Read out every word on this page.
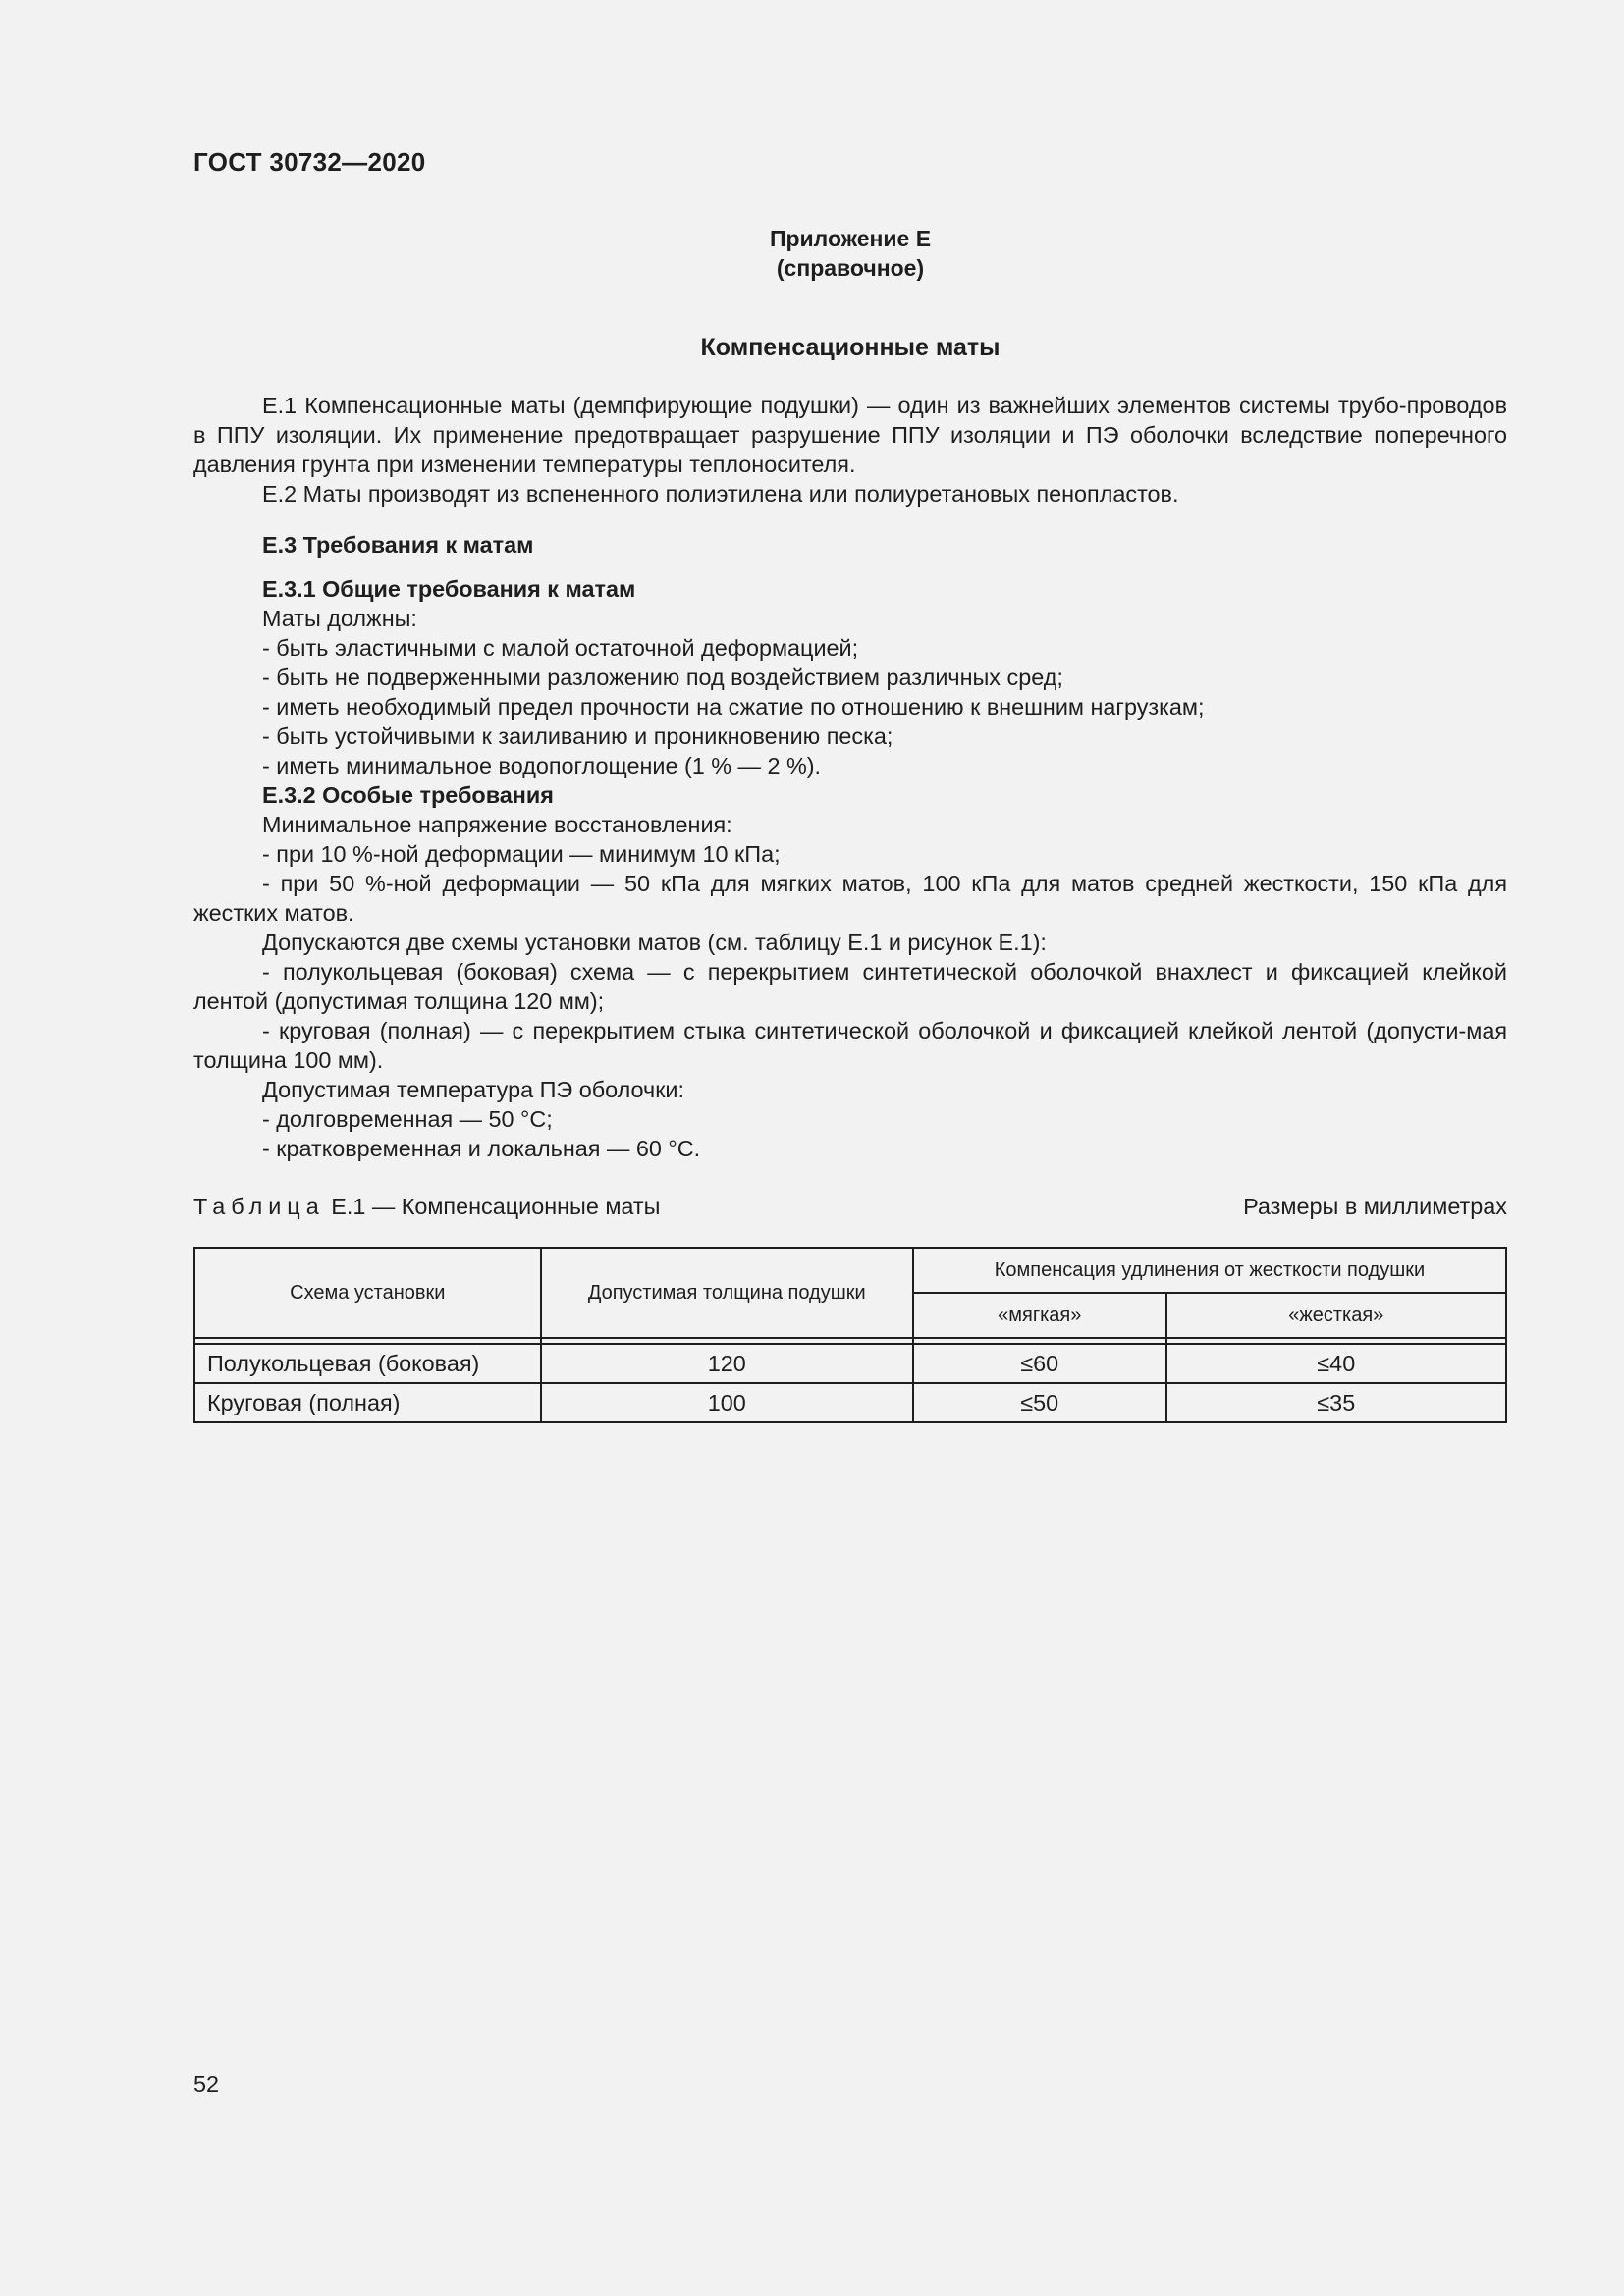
ГОСТ 30732—2020
Приложение Е
(справочное)
Компенсационные маты

Е.1 Компенсационные маты (демпфирующие подушки) — один из важнейших элементов системы трубо-проводов в ППУ изоляции. Их применение предотвращает разрушение ППУ изоляции и ПЭ оболочки вследствие поперечного давления грунта при изменении температуры теплоносителя.

Е.2 Маты производят из вспененного полиэтилена или полиуретановых пенопластов.

Е.3 Требования к матам

Е.3.1 Общие требования к матам

Маты должны:

- быть эластичными с малой остаточной деформацией;

- быть не подверженными разложению под воздействием различных сред;

- иметь необходимый предел прочности на сжатие по отношению к внешним нагрузкам;

- быть устойчивыми к заиливанию и проникновению песка;

- иметь минимальное водопоглощение (1 % — 2 %).

Е.3.2 Особые требования

Минимальное напряжение восстановления:

- при 10 %-ной деформации — минимум 10 кПа;

- при 50 %-ной деформации — 50 кПа для мягких матов, 100 кПа для матов средней жесткости, 150 кПа для жестких матов.

Допускаются две схемы установки матов (см. таблицу Е.1 и рисунок Е.1):

- полукольцевая (боковая) схема — с перекрытием синтетической оболочкой внахлест и фиксацией клейкой лентой (допустимая толщина 120 мм);

- круговая (полная) — с перекрытием стыка синтетической оболочкой и фиксацией клейкой лентой (допусти-мая толщина 100 мм).

Допустимая температура ПЭ оболочки:

- долговременная — 50 °С;

- кратковременная и локальная — 60 °С.

Таблица Е.1 — Компенсационные маты	Размеры в миллиметрах
Схема установки	Допустимая толщина подушки	Компенсация удлинения от жесткости подушки	
		«мягкая»	«жесткая»

Полукольцевая (боковая)	120	≤60	≤40
Круговая (полная)	100	≤50	≤35
52
